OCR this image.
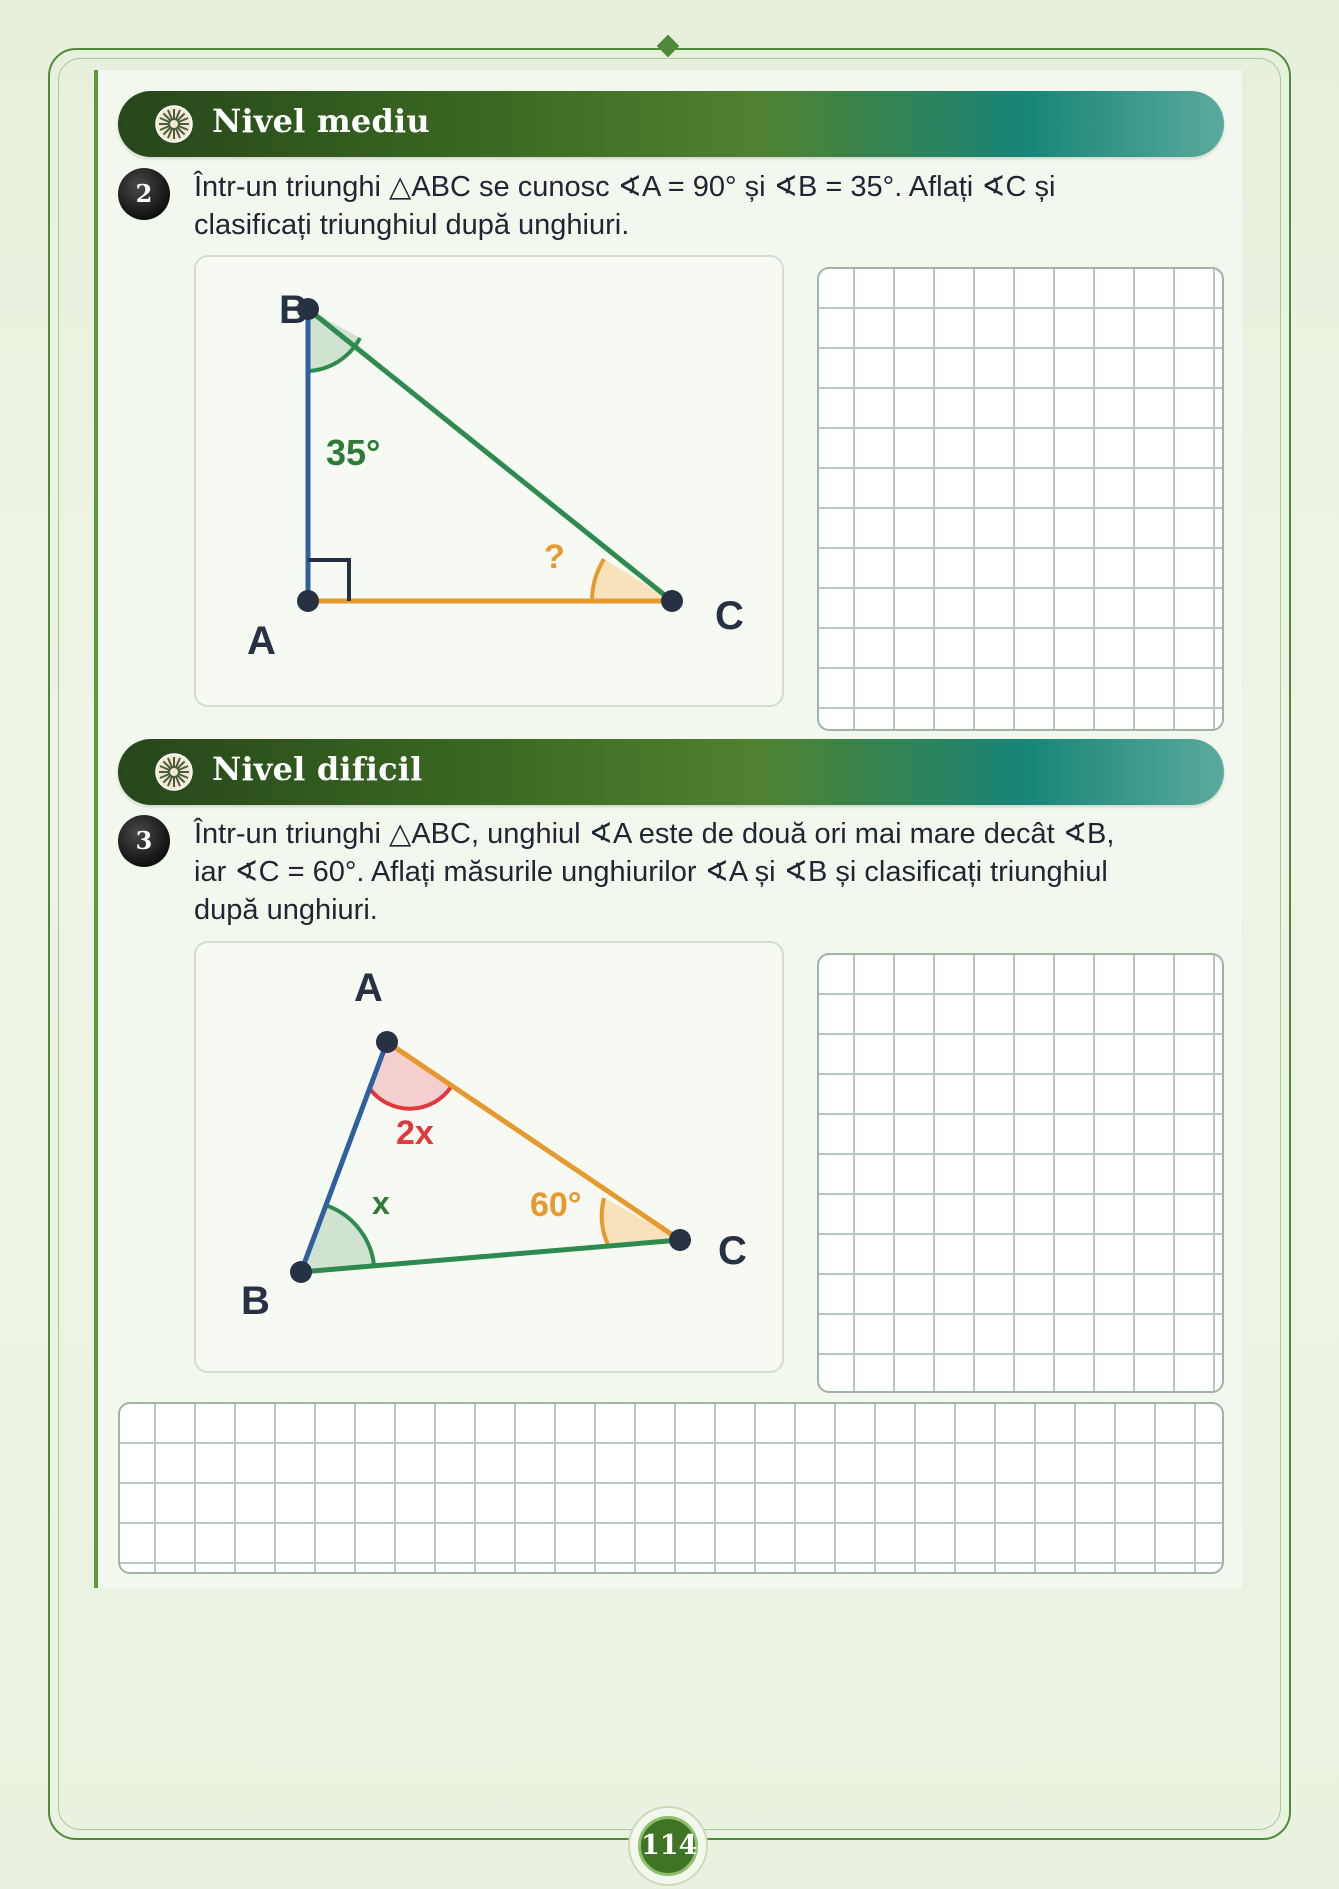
Nivel mediu
2	Într-un triunghi △ABC se cunosc ∢A = 90° și ∢B = 35°. Aflați ∢C și
clasificați triunghiul după unghiuri.
B
A
C
35°
?
Nivel dificil
3	Într-un triunghi △ABC, unghiul ∢A este de două ori mai mare decât ∢B,
iar ∢C = 60°. Aflați măsurile unghiurilor ∢A și ∢B și clasificați triunghiul
după unghiuri.
A
B
C
2x
x	60°
114
